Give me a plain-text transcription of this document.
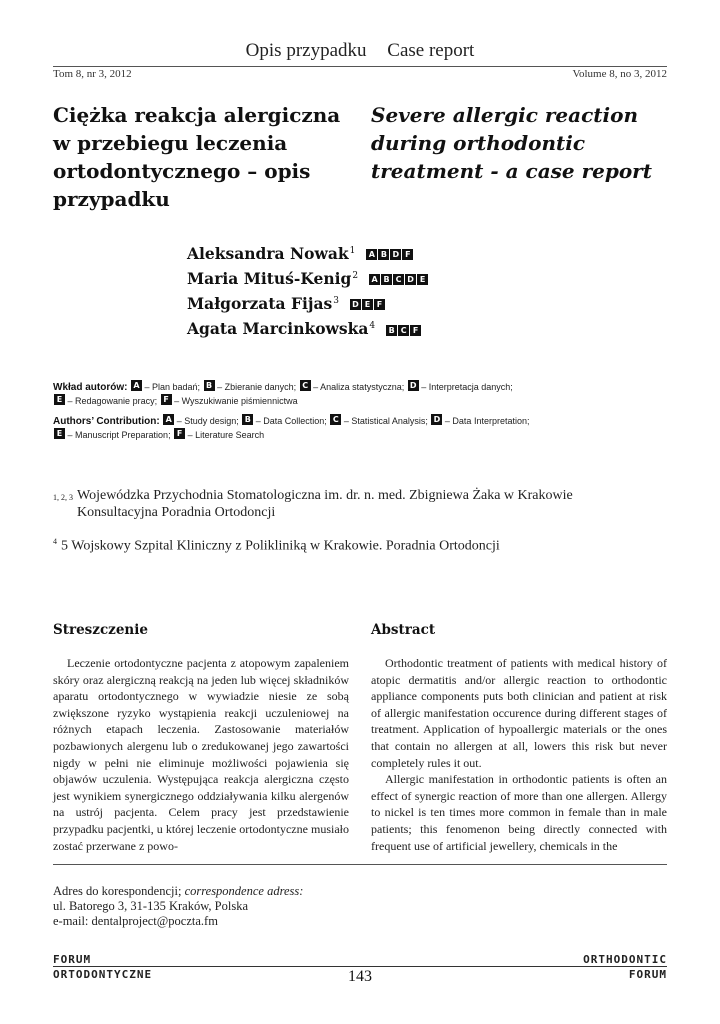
Opis przypadku Case report
Tom 8, nr 3, 2012	Volume 8, no 3, 2012
Ciężka reakcja alergiczna w przebiegu leczenia ortodontycznego – opis przypadku
Severe allergic reaction during orthodontic treatment - a case report
Aleksandra Nowak$^1$ A B D F
Maria Mituś-Kenig$^2$ A B C D E
Małgorzata Fijas$^3$ D E F
Agata Marcinkowska$^4$ B C F
Wkład autorów: A – Plan badań; B – Zbieranie danych; C – Analiza statystyczna; D – Interpretacja danych;
E – Redagowanie pracy; F – Wyszukiwanie piśmiennictwa
Authors’ Contribution: A – Study design; B – Data Collection; C – Statistical Analysis; D – Data Interpretation;
E – Manuscript Preparation; F – Literature Search
1, 2, 3 Wojewódzka Przychodnia Stomatologiczna im. dr. n. med. Zbigniewa Żaka w Krakowie
Konsultacyjna Poradnia Ortodoncji
$^4$ 5 Wojskowy Szpital Kliniczny z Polikliniką w Krakowie. Poradnia Ortodoncji
Streszczenie	Abstract

Leczenie ortodontyczne pacjenta z atopowym zapaleniem skóry oraz alergiczną reakcją na jeden lub więcej składników aparatu ortodontycznego w wywiadzie niesie ze sobą zwiększone ryzyko wystąpienia reakcji uczuleniowej na różnych etapach leczenia. Zastosowanie materiałów pozbawionych alergenu lub o zredukowanej jego zawartości nigdy w pełni nie eliminuje możliwości pojawienia się objawów uczulenia. Występująca reakcja alergiczna często jest wynikiem synergicznego oddziaływania kilku alergenów na ustrój pacjenta. Celem pracy jest przedstawienie przypadku pacjentki, u której leczenie ortodontyczne musiało zostać przerwane z powo-

Orthodontic treatment of patients with medical history of atopic dermatitis and/or allergic reaction to orthodontic appliance components puts both clinician and patient at risk of allergic manifestation occurence during different stages of treatment. Application of hypoallergic materials or the ones that contain no allergen at all, lowers this risk but never completely rules it out.

Allergic manifestation in orthodontic patients is often an effect of synergic reaction of more than one allergen. Allergy to nickel is ten times more common in female than in male patients; this fenomenon being directly connected with frequent use of artificial jewellery, chemicals in the

Adres do korespondencji; correspondence adress:
ul. Batorego 3, 31-135 Kraków, Polska
e-mail: dentalproject@poczta.fm
FORUM
ORTODONTYCZNE
ORTHODONTIC
FORUM
143
